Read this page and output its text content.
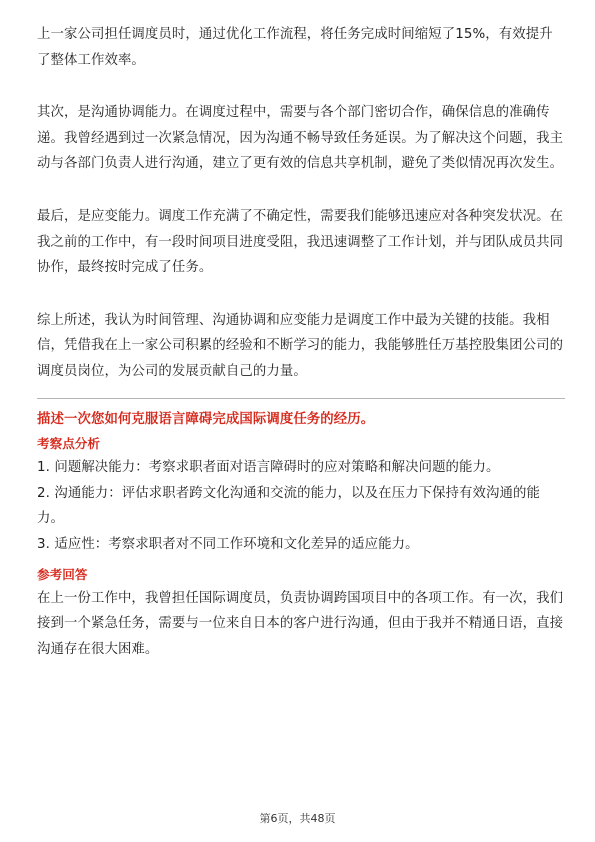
上一家公司担任调度员时，通过优化工作流程，将任务完成时间缩短了15%，有效提升了整体工作效率。

其次，是沟通协调能力。在调度过程中，需要与各个部门密切合作，确保信息的准确传递。我曾经遇到过一次紧急情况，因为沟通不畅导致任务延误。为了解决这个问题，我主动与各部门负责人进行沟通，建立了更有效的信息共享机制，避免了类似情况再次发生。

最后，是应变能力。调度工作充满了不确定性，需要我们能够迅速应对各种突发状况。在我之前的工作中，有一段时间项目进度受阻，我迅速调整了工作计划，并与团队成员共同协作，最终按时完成了任务。

综上所述，我认为时间管理、沟通协调和应变能力是调度工作中最为关键的技能。我相信，凭借我在上一家公司积累的经验和不断学习的能力，我能够胜任万基控股集团公司的调度员岗位，为公司的发展贡献自己的力量。

描述一次您如何克服语言障碍完成国际调度任务的经历。

考察点分析

1. 问题解决能力：考察求职者面对语言障碍时的应对策略和解决问题的能力。

2. 沟通能力：评估求职者跨文化沟通和交流的能力，以及在压力下保持有效沟通的能力。

3. 适应性：考察求职者对不同工作环境和文化差异的适应能力。

参考回答

在上一份工作中，我曾担任国际调度员，负责协调跨国项目中的各项工作。有一次，我们接到一个紧急任务，需要与一位来自日本的客户进行沟通，但由于我并不精通日语，直接沟通存在很大困难。

第6页，共48页
